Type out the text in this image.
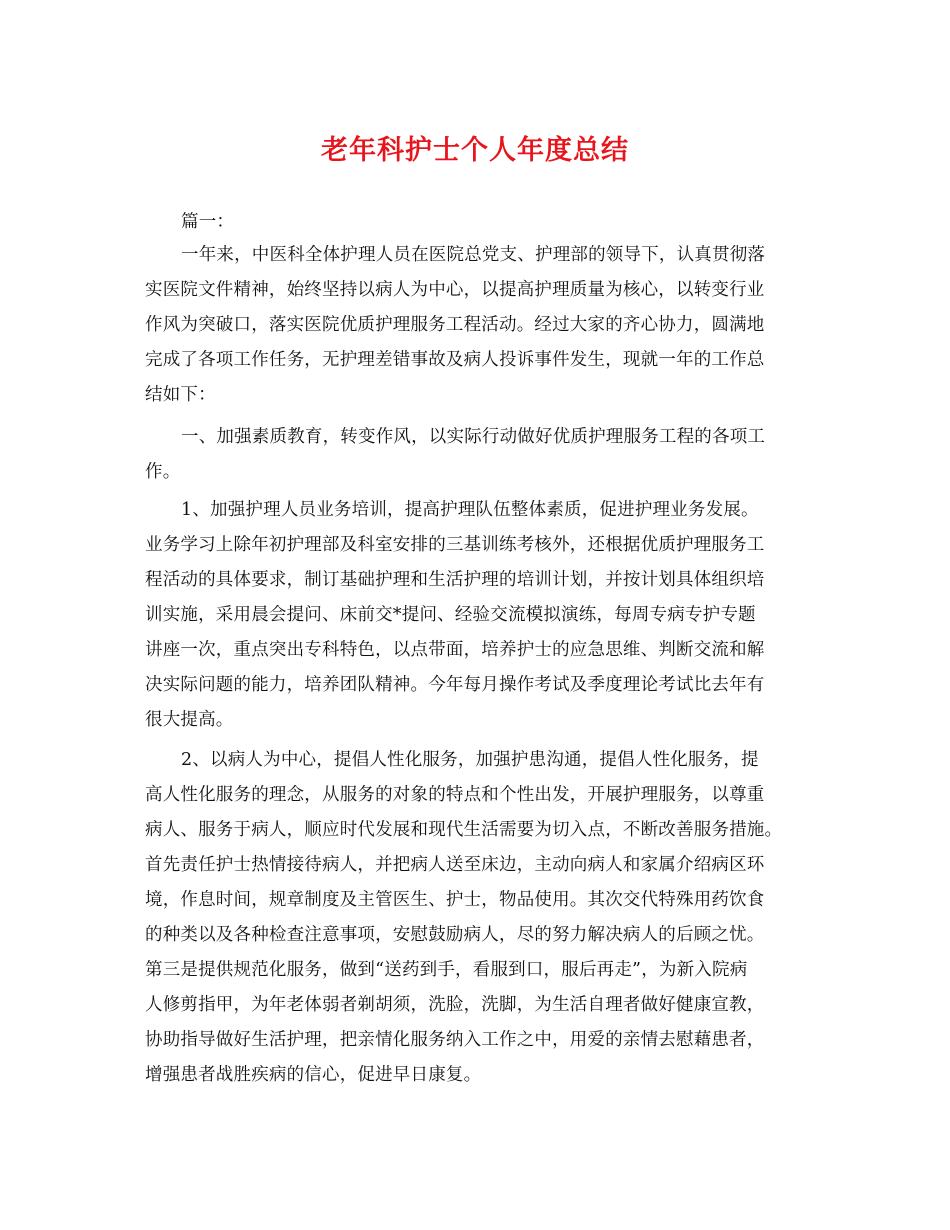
老年科护士个人年度总结
篇一：
一年来，中医科全体护理人员在医院总党支、护理部的领导下，认真贯彻落
实医院文件精神，始终坚持以病人为中心，以提高护理质量为核心，以转变行业
作风为突破口，落实医院优质护理服务工程活动。经过大家的齐心协力，圆满地
完成了各项工作任务，无护理差错事故及病人投诉事件发生，现就一年的工作总
结如下：
一、加强素质教育，转变作风，以实际行动做好优质护理服务工程的各项工
作。
1、加强护理人员业务培训，提高护理队伍整体素质，促进护理业务发展。
业务学习上除年初护理部及科室安排的三基训练考核外，还根据优质护理服务工
程活动的具体要求，制订基础护理和生活护理的培训计划，并按计划具体组织培
训实施，采用晨会提问、床前交*提问、经验交流模拟演练，每周专病专护专题
讲座一次，重点突出专科特色，以点带面，培养护士的应急思维、判断交流和解
决实际问题的能力，培养团队精神。今年每月操作考试及季度理论考试比去年有
很大提高。
2、以病人为中心，提倡人性化服务，加强护患沟通，提倡人性化服务，提
高人性化服务的理念，从服务的对象的特点和个性出发，开展护理服务，以尊重
病人、服务于病人，顺应时代发展和现代生活需要为切入点，不断改善服务措施。
首先责任护士热情接待病人，并把病人送至床边，主动向病人和家属介绍病区环
境，作息时间，规章制度及主管医生、护士，物品使用。其次交代特殊用药饮食
的种类以及各种检查注意事项，安慰鼓励病人，尽的努力解决病人的后顾之忧。
第三是提供规范化服务，做到“送药到手，看服到口，服后再走”，为新入院病
人修剪指甲，为年老体弱者剃胡须，洗脸，洗脚，为生活自理者做好健康宣教，
协助指导做好生活护理，把亲情化服务纳入工作之中，用爱的亲情去慰藉患者，
增强患者战胜疾病的信心，促进早日康复。
